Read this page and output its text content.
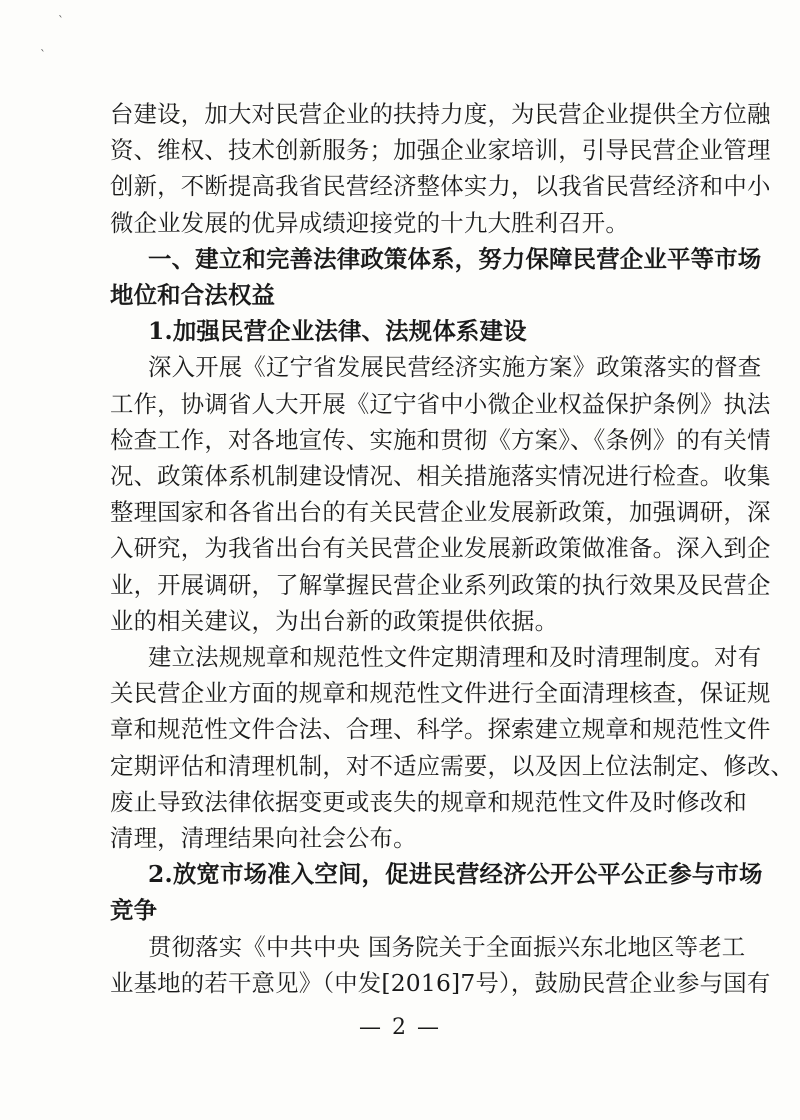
`
`
台建设，加大对民营企业的扶持力度，为民营企业提供全方位融
资、维权、技术创新服务；加强企业家培训，引导民营企业管理
创新，不断提高我省民营经济整体实力，以我省民营经济和中小
微企业发展的优异成绩迎接党的十九大胜利召开。
一、建立和完善法律政策体系，努力保障民营企业平等市场
地位和合法权益
1.加强民营企业法律、法规体系建设
深入开展《辽宁省发展民营经济实施方案》政策落实的督查
工作，协调省人大开展《辽宁省中小微企业权益保护条例》执法
检查工作，对各地宣传、实施和贯彻《方案》、《条例》的有关情
况、政策体系机制建设情况、相关措施落实情况进行检查。收集
整理国家和各省出台的有关民营企业发展新政策，加强调研，深
入研究，为我省出台有关民营企业发展新政策做准备。深入到企
业，开展调研，了解掌握民营企业系列政策的执行效果及民营企
业的相关建议，为出台新的政策提供依据。
建立法规规章和规范性文件定期清理和及时清理制度。对有
关民营企业方面的规章和规范性文件进行全面清理核查，保证规
章和规范性文件合法、合理、科学。探索建立规章和规范性文件
定期评估和清理机制，对不适应需要，以及因上位法制定、修改、
废止导致法律依据变更或丧失的规章和规范性文件及时修改和
清理，清理结果向社会公布。
2.放宽市场准入空间，促进民营经济公开公平公正参与市场
竞争
贯彻落实《中共中央 国务院关于全面振兴东北地区等老工
业基地的若干意见》（中发[2016]7号），鼓励民营企业参与国有
— 2 —
